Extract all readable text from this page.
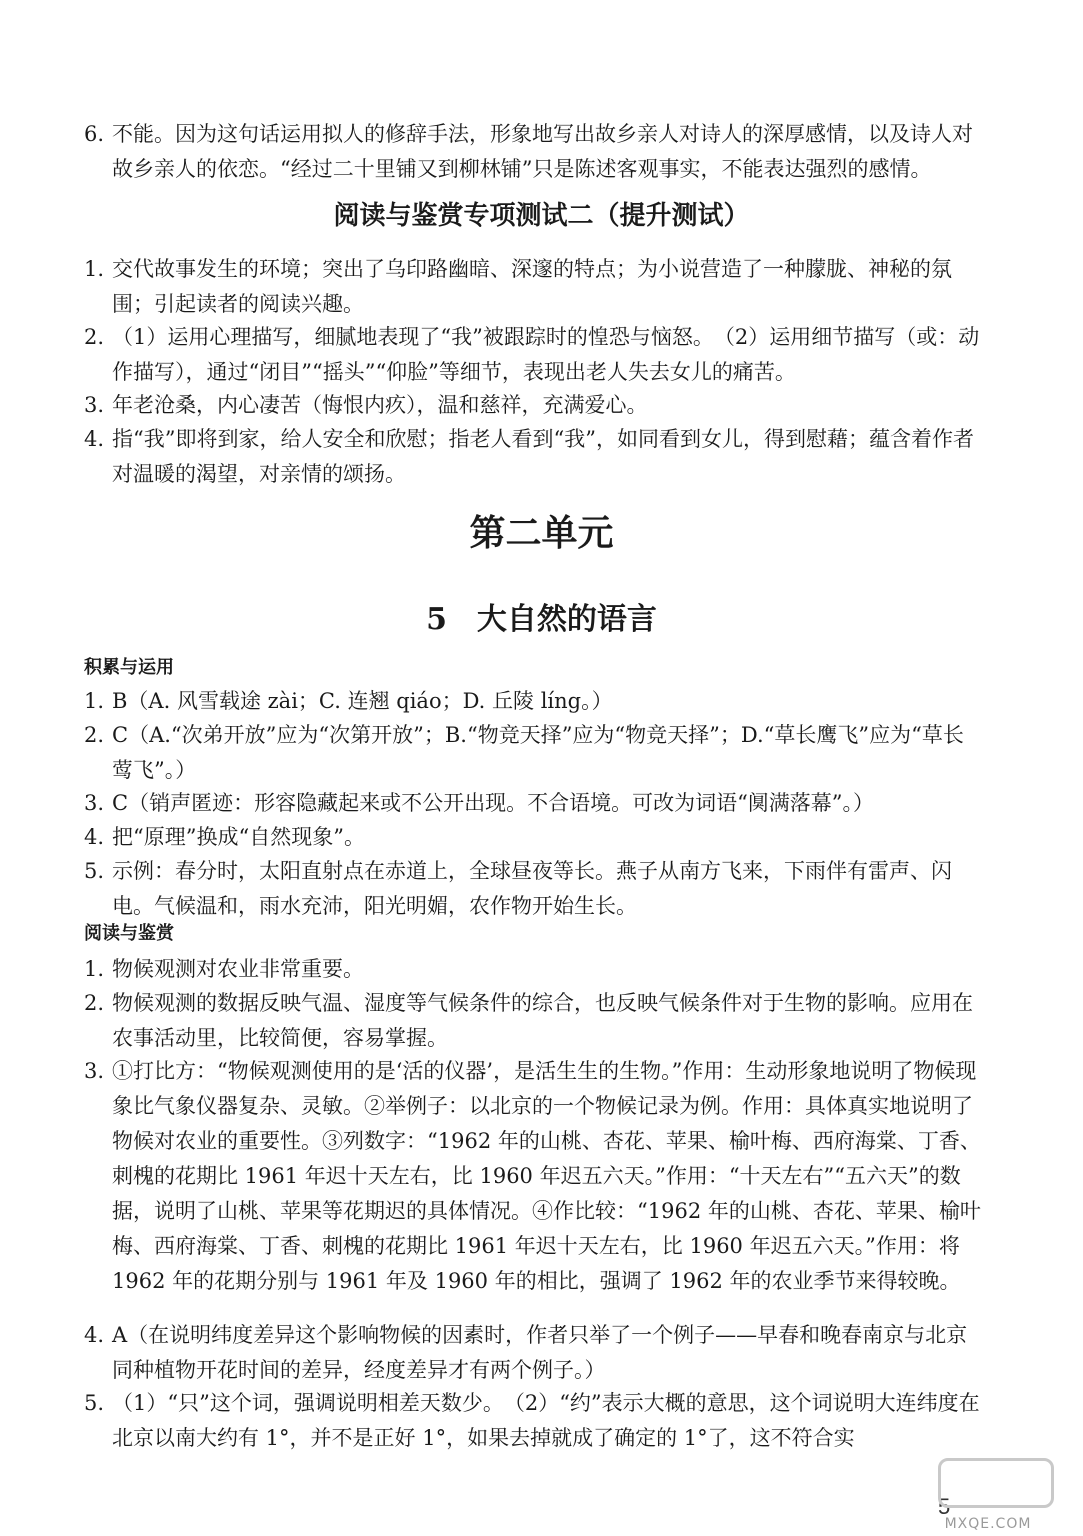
6. 不能。因为这句话运用拟人的修辞手法，形象地写出故乡亲人对诗人的深厚感情，以及诗人对故乡亲人的依恋。“经过二十里铺又到柳林铺”只是陈述客观事实，不能表达强烈的感情。
阅读与鉴赏专项测试二（提升测试）
1. 交代故事发生的环境；突出了乌印路幽暗、深邃的特点；为小说营造了一种朦胧、神秘的氛围；引起读者的阅读兴趣。
2. （1）运用心理描写，细腻地表现了“我”被跟踪时的惶恐与恼怒。　（2）运用细节描写（或：动作描写），通过“闭目”“摇头”“仰脸”等细节，表现出老人失去女儿的痛苦。
3. 年老沧桑，内心凄苦（悔恨内疚），温和慈祥，充满爱心。
4. 指“我”即将到家，给人安全和欣慰；指老人看到“我”，如同看到女儿，得到慰藉；蕴含着作者对温暖的渴望，对亲情的颂扬。
第二单元
5　大自然的语言
积累与运用
1. B（A. 风雪载途 zài；C. 连翘 qiáo；D. 丘陵 líng。）
2. C（A.“次弟开放”应为“次第开放”；B.“物竞天择”应为“物竞天择”；D.“草长鹰飞”应为“草长莺飞”。）
3. C（销声匿迹：形容隐藏起来或不公开出现。不合语境。可改为词语“阒满落幕”。）
4. 把“原理”换成“自然现象”。
5. 示例：春分时，太阳直射点在赤道上，全球昼夜等长。燕子从南方飞来，下雨伴有雷声、闪电。气候温和，雨水充沛，阳光明媚，农作物开始生长。
阅读与鉴赏
1. 物候观测对农业非常重要。
2. 物候观测的数据反映气温、湿度等气候条件的综合，也反映气候条件对于生物的影响。应用在农事活动里，比较简便，容易掌握。
3. ①打比方：“物候观测使用的是‘活的仪器’，是活生生的生物。”作用：生动形象地说明了物候现象比气象仪器复杂、灵敏。②举例子：以北京的一个物候记录为例。作用：具体真实地说明了物候对农业的重要性。③列数字：“1962 年的山桃、杏花、苹果、榆叶梅、西府海棠、丁香、刺槐的花期比 1961 年迟十天左右，比 1960 年迟五六天。”作用：“十天左右”“五六天”的数据，说明了山桃、苹果等花期迟的具体情况。④作比较：“1962 年的山桃、杏花、苹果、榆叶梅、西府海棠、丁香、刺槐的花期比 1961 年迟十天左右，比 1960 年迟五六天。”作用：将 1962 年的花期分别与 1961 年及 1960 年的相比，强调了 1962 年的农业季节来得较晚。
4. A（在说明纬度差异这个影响物候的因素时，作者只举了一个例子——早春和晚春南京与北京同种植物开花时间的差异，经度差异才有两个例子。）
5. （1）“只”这个词，强调说明相差天数少。　（2）“约”表示大概的意思，这个词说明大连纬度在北京以南大约有 1°，并不是正好 1°，如果去掉就成了确定的 1°了，这不符合实
5
MXQE.COM
